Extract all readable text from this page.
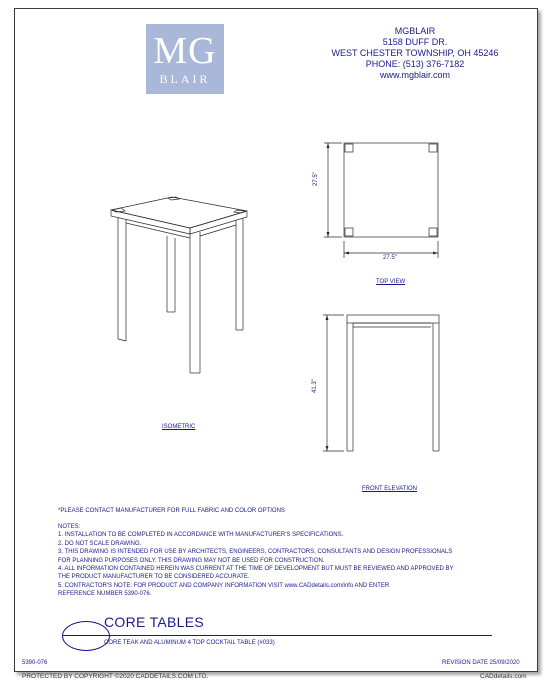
MG
BLAIR
MGBLAIR
5158 DUFF DR.
WEST CHESTER TOWNSHIP, OH 45246
PHONE: (513) 376-7182
www.mgblair.com
27.5"
27.5"
41.3"
ISOMETRIC
TOP VIEW
FRONT ELEVATION
*PLEASE CONTACT MANUFACTURER FOR FULL FABRIC AND COLOR OPTIONS
NOTES:
1. INSTALLATION TO BE COMPLETED IN ACCORDANCE WITH MANUFACTURER'S SPECIFICATIONS.
2. DO NOT SCALE DRAWING.
3. THIS DRAWING IS INTENDED FOR USE BY ARCHITECTS, ENGINEERS, CONTRACTORS, CONSULTANTS AND DESIGN PROFESSIONALS
FOR PLANNING PURPOSES ONLY. THIS DRAWING MAY NOT BE USED FOR CONSTRUCTION.
4. ALL INFORMATION CONTAINED HEREIN WAS CURRENT AT THE TIME OF DEVELOPMENT BUT MUST BE REVIEWED AND APPROVED BY
THE PRODUCT MANUFACTURER TO BE CONSIDERED ACCURATE.
5. CONTRACTOR'S NOTE: FOR PRODUCT AND COMPANY INFORMATION VISIT www.CADdetails.com/info AND ENTER
REFERENCE NUMBER 5390-076.
CORE TABLES
CORE TEAK AND ALUMINUM 4 TOP COCKTAIL TABLE (#033)
5390-076	REVISION DATE 25/09/2020
PROTECTED BY COPYRIGHT ©2020 CADDETAILS.COM LTD.	CADdetails.com
